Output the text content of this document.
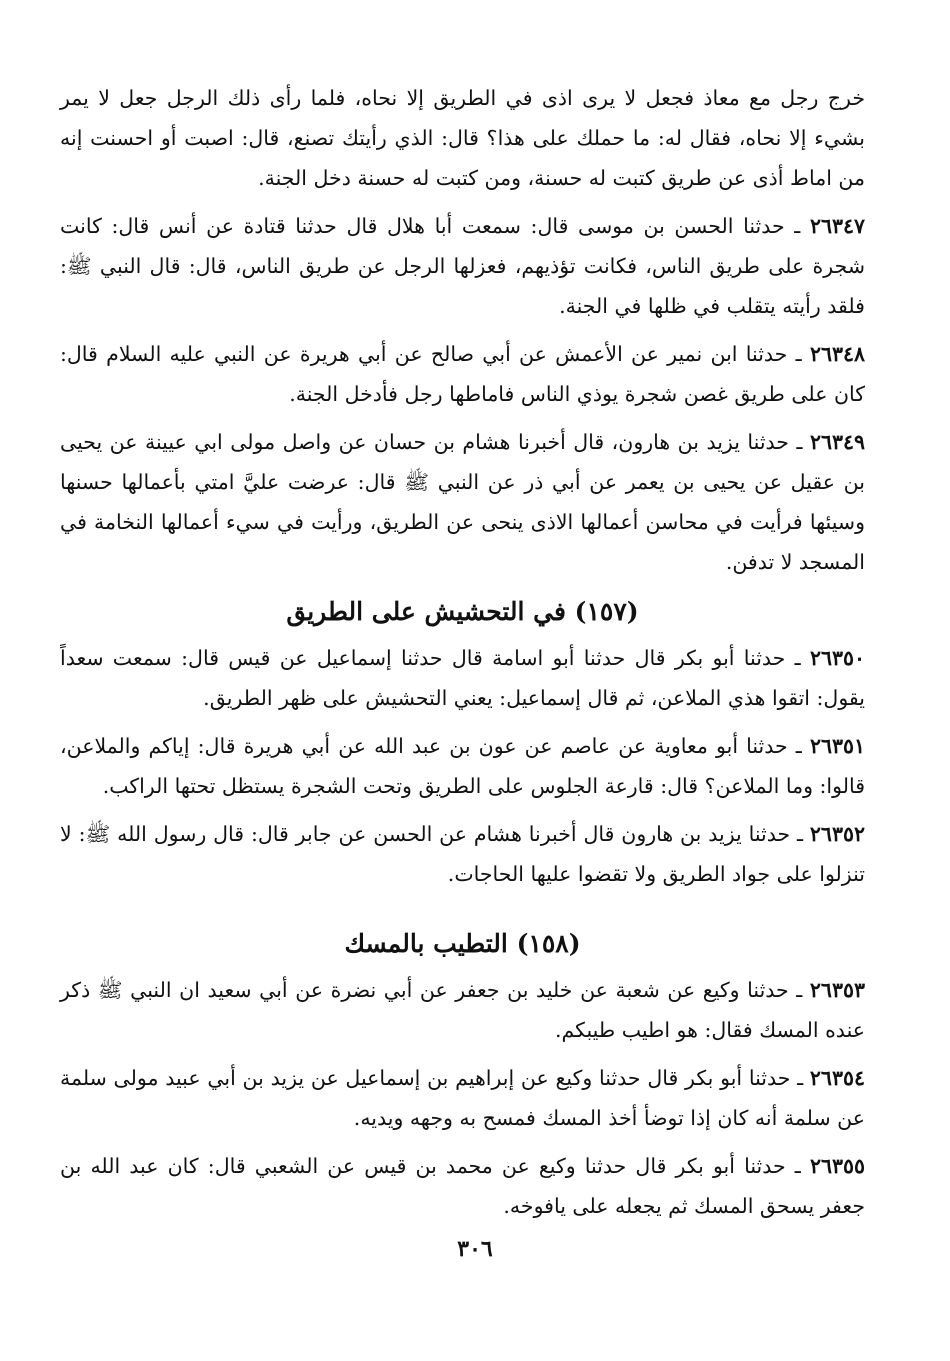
خرج رجل مع معاذ فجعل لا يرى اذى في الطريق إلا نحاه، فلما رأى ذلك الرجل جعل لا يمر بشيء إلا نحاه، فقال له: ما حملك على هذا؟ قال: الذي رأيتك تصنع، قال: اصبت أو احسنت إنه من اماط أذى عن طريق كتبت له حسنة، ومن كتبت له حسنة دخل الجنة.

٢٦٣٤٧ ـ حدثنا الحسن بن موسى قال: سمعت أبا هلال قال حدثنا قتادة عن أنس قال: كانت شجرة على طريق الناس، فكانت تؤذيهم، فعزلها الرجل عن طريق الناس، قال: قال النبي ﷺ: فلقد رأيته يتقلب في ظلها في الجنة.

٢٦٣٤٨ ـ حدثنا ابن نمير عن الأعمش عن أبي صالح عن أبي هريرة عن النبي عليه السلام قال: كان على طريق غصن شجرة يوذي الناس فاماطها رجل فأدخل الجنة.

٢٦٣٤٩ ـ حدثنا يزيد بن هارون، قال أخبرنا هشام بن حسان عن واصل مولى ابي عيينة عن يحيى بن عقيل عن يحيى بن يعمر عن أبي ذر عن النبي ﷺ قال: عرضت عليَّ امتي بأعمالها حسنها وسيئها فرأيت في محاسن أعمالها الاذى ينحى عن الطريق، ورأيت في سيء أعمالها النخامة في المسجد لا تدفن.

(١٥٧) في التحشيش على الطريق

٢٦٣٥٠ ـ حدثنا أبو بكر قال حدثنا أبو اسامة قال حدثنا إسماعيل عن قيس قال: سمعت سعداً يقول: اتقوا هذي الملاعن، ثم قال إسماعيل: يعني التحشيش على ظهر الطريق.

٢٦٣٥١ ـ حدثنا أبو معاوية عن عاصم عن عون بن عبد الله عن أبي هريرة قال: إياكم والملاعن، قالوا: وما الملاعن؟ قال: قارعة الجلوس على الطريق وتحت الشجرة يستظل تحتها الراكب.

٢٦٣٥٢ ـ حدثنا يزيد بن هارون قال أخبرنا هشام عن الحسن عن جابر قال: قال رسول الله ﷺ: لا تنزلوا على جواد الطريق ولا تقضوا عليها الحاجات.

(١٥٨) التطيب بالمسك

٢٦٣٥٣ ـ حدثنا وكيع عن شعبة عن خليد بن جعفر عن أبي نضرة عن أبي سعيد ان النبي ﷺ ذكر عنده المسك فقال: هو اطيب طيبكم.

٢٦٣٥٤ ـ حدثنا أبو بكر قال حدثنا وكيع عن إبراهيم بن إسماعيل عن يزيد بن أبي عبيد مولى سلمة عن سلمة أنه كان إذا توضأ أخذ المسك فمسح به وجهه ويديه.

٢٦٣٥٥ ـ حدثنا أبو بكر قال حدثنا وكيع عن محمد بن قيس عن الشعبي قال: كان عبد الله بن جعفر يسحق المسك ثم يجعله على يافوخه.

٣٠٦
